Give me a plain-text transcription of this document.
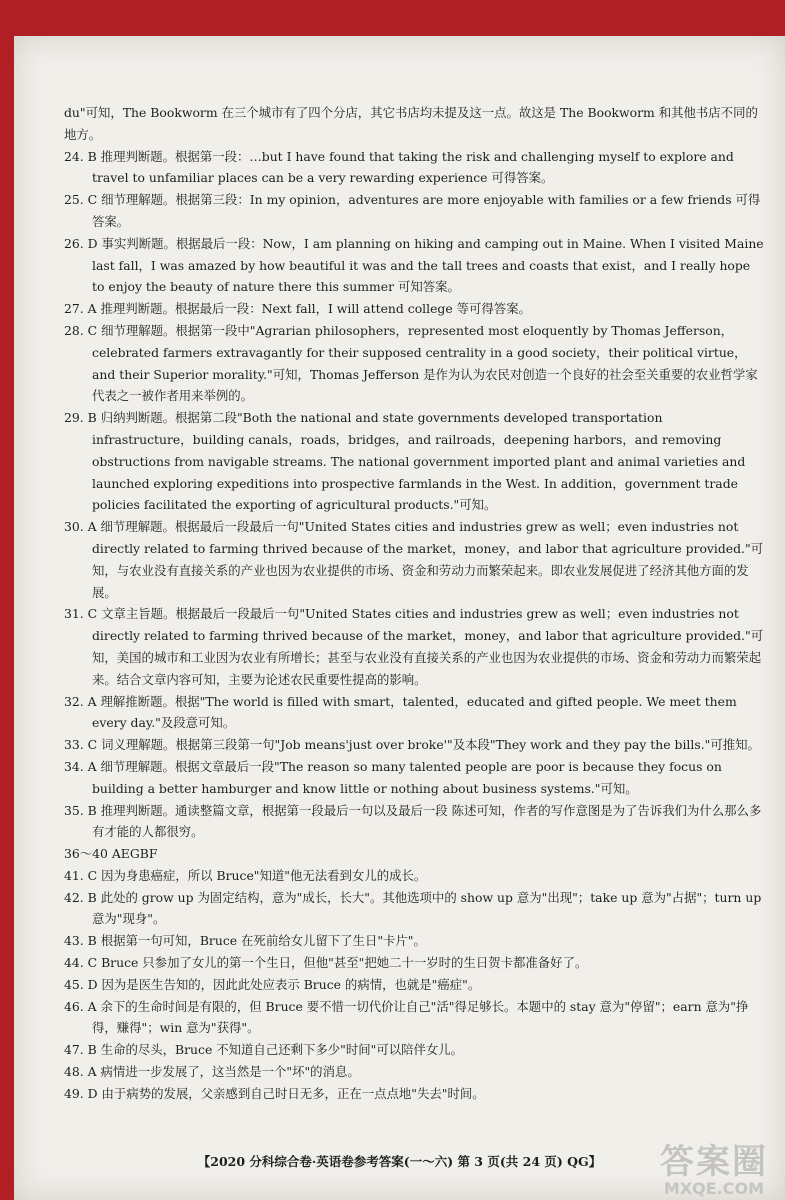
du"可知，The Bookworm 在三个城市有了四个分店，其它书店均未提及这一点。故这是 The Bookworm 和其他书店不同的地方。

24. B 推理判断题。根据第一段：…but I have found that taking the risk and challenging myself to explore and travel to unfamiliar places can be a very rewarding experience 可得答案。

25. C 细节理解题。根据第三段：In my opinion，adventures are more enjoyable with families or a few friends 可得答案。

26. D 事实判断题。根据最后一段：Now，I am planning on hiking and camping out in Maine. When I visited Maine last fall，I was amazed by how beautiful it was and the tall trees and coasts that exist，and I really hope to enjoy the beauty of nature there this summer 可知答案。

27. A 推理判断题。根据最后一段：Next fall，I will attend college 等可得答案。

28. C 细节理解题。根据第一段中"Agrarian philosophers，represented most eloquently by Thomas Jefferson，celebrated farmers extravagantly for their supposed centrality in a good society，their political virtue，and their Superior morality."可知，Thomas Jefferson 是作为认为农民对创造一个良好的社会至关重要的农业哲学家代表之一被作者用来举例的。

29. B 归纳判断题。根据第二段"Both the national and state governments developed transportation infrastructure，building canals，roads，bridges，and railroads，deepening harbors，and removing obstructions from navigable streams. The national government imported plant and animal varieties and launched exploring expeditions into prospective farmlands in the West. In addition，government trade policies facilitated the exporting of agricultural products."可知。

30. A 细节理解题。根据最后一段最后一句"United States cities and industries grew as well；even industries not directly related to farming thrived because of the market，money，and labor that agriculture provided."可知，与农业没有直接关系的产业也因为农业提供的市场、资金和劳动力而繁荣起来。即农业发展促进了经济其他方面的发展。

31. C 文章主旨题。根据最后一段最后一句"United States cities and industries grew as well；even industries not directly related to farming thrived because of the market，money，and labor that agriculture provided."可知，美国的城市和工业因为农业有所增长；甚至与农业没有直接关系的产业也因为农业提供的市场、资金和劳动力而繁荣起来。结合文章内容可知，主要为论述农民重要性提高的影响。

32. A 理解推断题。根据"The world is filled with smart，talented，educated and gifted people. We meet them every day."及段意可知。

33. C 词义理解题。根据第三段第一句"Job means'just over broke'"及本段"They work and they pay the bills."可推知。

34. A 细节理解题。根据文章最后一段"The reason so many talented people are poor is because they focus on building a better hamburger and know little or nothing about business systems."可知。

35. B 推理判断题。通读整篇文章，根据第一段最后一句以及最后一段 陈述可知，作者的写作意图是为了告诉我们为什么那么多有才能的人都很穷。

36～40 AEGBF

41. C 因为身患癌症，所以 Bruce"知道"他无法看到女儿的成长。

42. B 此处的 grow up 为固定结构，意为"成长，长大"。其他选项中的 show up 意为"出现"；take up 意为"占据"；turn up 意为"现身"。

43. B 根据第一句可知，Bruce 在死前给女儿留下了生日"卡片"。

44. C Bruce 只参加了女儿的第一个生日，但他"甚至"把她二十一岁时的生日贺卡都准备好了。

45. D 因为是医生告知的，因此此处应表示 Bruce 的病情，也就是"癌症"。

46. A 余下的生命时间是有限的，但 Bruce 要不惜一切代价让自己"活"得足够长。本题中的 stay 意为"停留"；earn 意为"挣得，赚得"；win 意为"获得"。

47. B 生命的尽头，Bruce 不知道自己还剩下多少"时间"可以陪伴女儿。

48. A 病情进一步发展了，这当然是一个"坏"的消息。

49. D 由于病势的发展，父亲感到自己时日无多，正在一点点地"失去"时间。

【2020 分科综合卷·英语卷参考答案(一～六) 第 3 页(共 24 页) QG】	答案圈
MXQE.COM
